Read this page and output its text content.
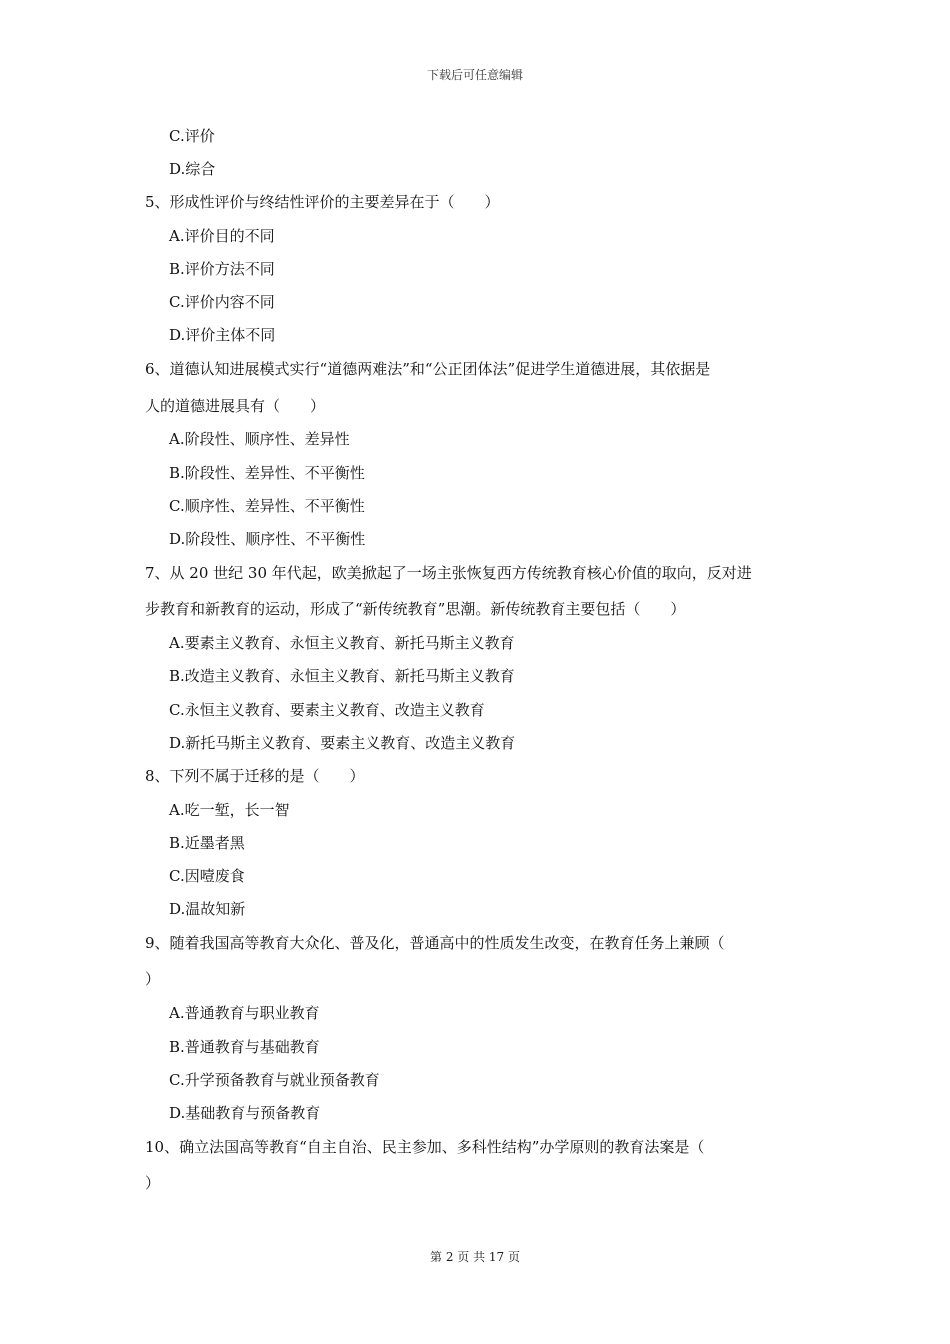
下载后可任意编辑
C.评价
D.综合
5、形成性评价与终结性评价的主要差异在于（　　）
A.评价目的不同
B.评价方法不同
C.评价内容不同
D.评价主体不同
6、道德认知进展模式实行“道德两难法”和“公正团体法”促进学生道德进展，其依据是
人的道德进展具有（　　）
A.阶段性、顺序性、差异性
B.阶段性、差异性、不平衡性
C.顺序性、差异性、不平衡性
D.阶段性、顺序性、不平衡性
7、从 20 世纪 30 年代起，欧美掀起了一场主张恢复西方传统教育核心价值的取向，反对进
步教育和新教育的运动，形成了“新传统教育”思潮。新传统教育主要包括（　　）
A.要素主义教育、永恒主义教育、新托马斯主义教育
B.改造主义教育、永恒主义教育、新托马斯主义教育
C.永恒主义教育、要素主义教育、改造主义教育
D.新托马斯主义教育、要素主义教育、改造主义教育
8、下列不属于迁移的是（　　）
A.吃一堑，长一智
B.近墨者黑
C.因噎废食
D.温故知新
9、随着我国高等教育大众化、普及化，普通高中的性质发生改变，在教育任务上兼顾（
）
A.普通教育与职业教育
B.普通教育与基础教育
C.升学预备教育与就业预备教育
D.基础教育与预备教育
10、确立法国高等教育“自主自治、民主参加、多科性结构”办学原则的教育法案是（
）
第 2 页 共 17 页
